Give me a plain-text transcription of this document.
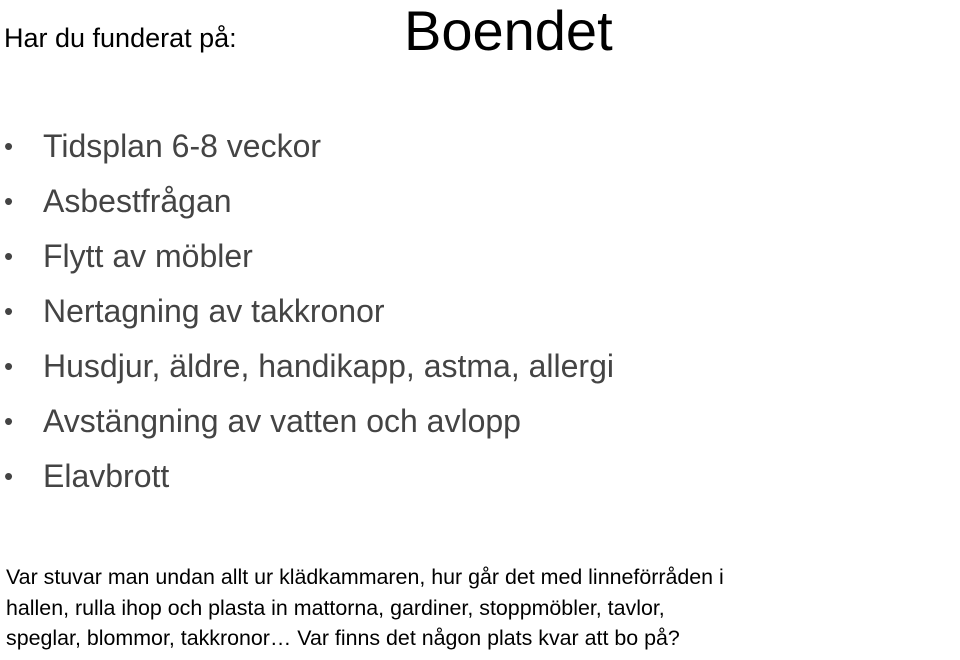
Har du funderat på:	Boendet
• Tidsplan 6-8 veckor
• Asbestfrågan
• Flytt av möbler
• Nertagning av takkronor
• Husdjur, äldre, handikapp, astma, allergi
• Avstängning av vatten och avlopp
• Elavbrott
Var stuvar man undan allt ur klädkammaren, hur går det med linneförråden i
hallen, rulla ihop och plasta in mattorna, gardiner, stoppmöbler, tavlor,
speglar, blommor, takkronor… Var finns det någon plats kvar att bo på?
